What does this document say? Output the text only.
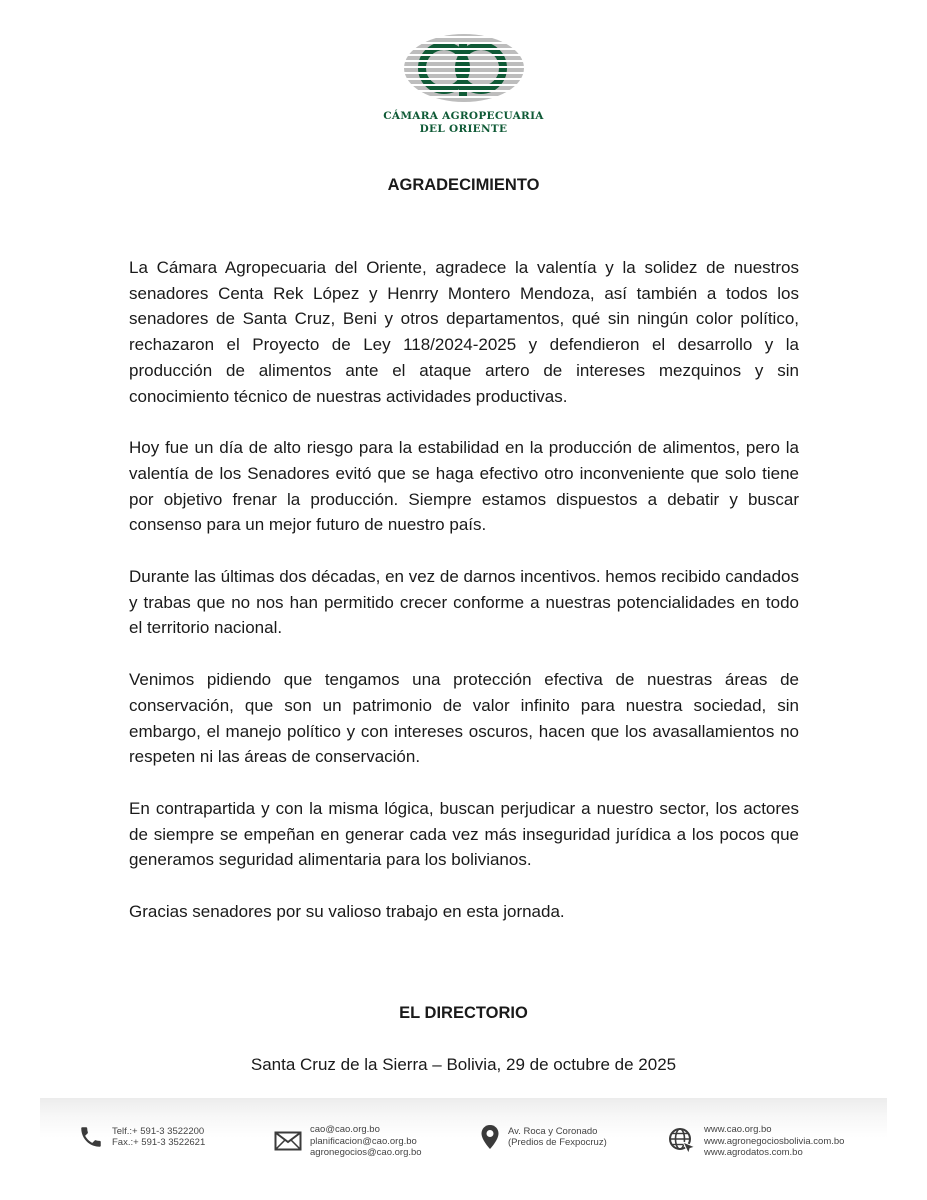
CÁMARA AGROPECUARIA
DEL ORIENTE
AGRADECIMIENTO

La Cámara Agropecuaria del Oriente, agradece la valentía y la solidez de nuestros senadores Centa Rek López y Henrry Montero Mendoza, así también a todos los senadores de Santa Cruz, Beni y otros departamentos, qué sin ningún color político, rechazaron el Proyecto de Ley 118/2024-2025 y defendieron el desarrollo y la producción de alimentos ante el ataque artero de intereses mezquinos y sin conocimiento técnico de nuestras actividades productivas.

Hoy fue un día de alto riesgo para la estabilidad en la producción de alimentos, pero la valentía de los Senadores evitó que se haga efectivo otro inconveniente que solo tiene por objetivo frenar la producción. Siempre estamos dispuestos a debatir y buscar consenso para un mejor futuro de nuestro país.

Durante las últimas dos décadas, en vez de darnos incentivos. hemos recibido candados y trabas que no nos han permitido crecer conforme a nuestras potencialidades en todo el territorio nacional.

Venimos pidiendo que tengamos una protección efectiva de nuestras áreas de conservación, que son un patrimonio de valor infinito para nuestra sociedad, sin embargo, el manejo político y con intereses oscuros, hacen que los avasallamientos no respeten ni las áreas de conservación.

En contrapartida y con la misma lógica, buscan perjudicar a nuestro sector, los actores de siempre se empeñan en generar cada vez más inseguridad jurídica a los pocos que generamos seguridad alimentaria para los bolivianos.

Gracias senadores por su valioso trabajo en esta jornada.

EL DIRECTORIO
Santa Cruz de la Sierra – Bolivia, 29 de octubre de 2025
Telf.:+ 591-3 3522200
Fax.:+ 591-3 3522621
cao@cao.org.bo
planificacion@cao.org.bo
agronegocios@cao.org.bo
Av. Roca y Coronado
(Predios de Fexpocruz)
www.cao.org.bo
www.agronegociosbolivia.com.bo
www.agrodatos.com.bo
